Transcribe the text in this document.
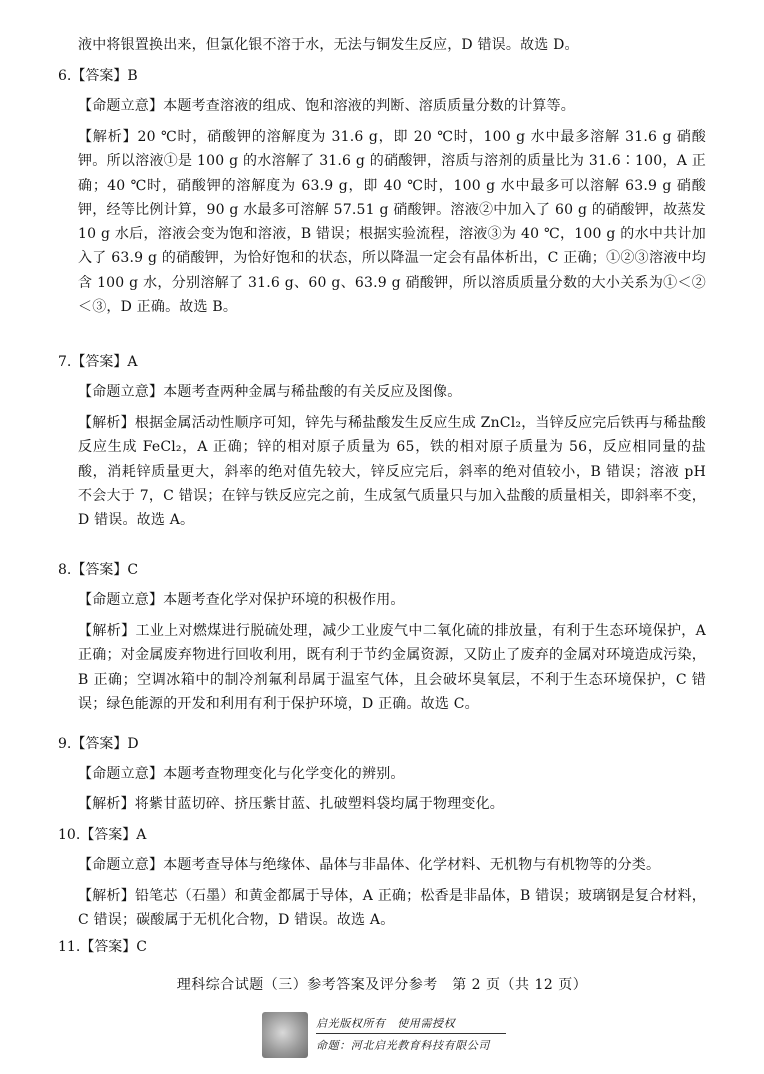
液中将银置换出来，但氯化银不溶于水，无法与铜发生反应，D 错误。故选 D。
6.【答案】B
【命题立意】本题考查溶液的组成、饱和溶液的判断、溶质质量分数的计算等。
【解析】20 ℃时，硝酸钾的溶解度为 31.6 g，即 20 ℃时，100 g 水中最多溶解 31.6 g 硝酸钾。所以溶液①是 100 g 的水溶解了 31.6 g 的硝酸钾，溶质与溶剂的质量比为 31.6∶100，A 正确；40 ℃时，硝酸钾的溶解度为 63.9 g，即 40 ℃时，100 g 水中最多可以溶解 63.9 g 硝酸钾，经等比例计算，90 g 水最多可溶解 57.51 g 硝酸钾。溶液②中加入了 60 g 的硝酸钾，故蒸发 10 g 水后，溶液会变为饱和溶液，B 错误；根据实验流程，溶液③为 40 ℃，100 g 的水中共计加入了 63.9 g 的硝酸钾，为恰好饱和的状态，所以降温一定会有晶体析出，C 正确；①②③溶液中均含 100 g 水，分别溶解了 31.6 g、60 g、63.9 g 硝酸钾，所以溶质质量分数的大小关系为①＜②＜③，D 正确。故选 B。
7.【答案】A
【命题立意】本题考查两种金属与稀盐酸的有关反应及图像。
【解析】根据金属活动性顺序可知，锌先与稀盐酸发生反应生成 ZnCl₂，当锌反应完后铁再与稀盐酸反应生成 FeCl₂，A 正确；锌的相对原子质量为 65，铁的相对原子质量为 56，反应相同量的盐酸，消耗锌质量更大，斜率的绝对值先较大，锌反应完后，斜率的绝对值较小，B 错误；溶液 pH 不会大于 7，C 错误；在锌与铁反应完之前，生成氢气质量只与加入盐酸的质量相关，即斜率不变，D 错误。故选 A。
8.【答案】C
【命题立意】本题考查化学对保护环境的积极作用。
【解析】工业上对燃煤进行脱硫处理，减少工业废气中二氧化硫的排放量，有利于生态环境保护，A 正确；对金属废弃物进行回收利用，既有利于节约金属资源，又防止了废弃的金属对环境造成污染，B 正确；空调冰箱中的制冷剂氟利昂属于温室气体，且会破坏臭氧层，不利于生态环境保护，C 错误；绿色能源的开发和利用有利于保护环境，D 正确。故选 C。
9.【答案】D
【命题立意】本题考查物理变化与化学变化的辨别。
【解析】将紫甘蓝切碎、挤压紫甘蓝、扎破塑料袋均属于物理变化。
10.【答案】A
【命题立意】本题考查导体与绝缘体、晶体与非晶体、化学材料、无机物与有机物等的分类。
【解析】铅笔芯（石墨）和黄金都属于导体，A 正确；松香是非晶体，B 错误；玻璃钢是复合材料，C 错误；碳酸属于无机化合物，D 错误。故选 A。
11.【答案】C
理科综合试题（三）参考答案及评分参考　第 2 页（共 12 页）
启光版权所有　使用需授权
命题：河北启光教育科技有限公司
